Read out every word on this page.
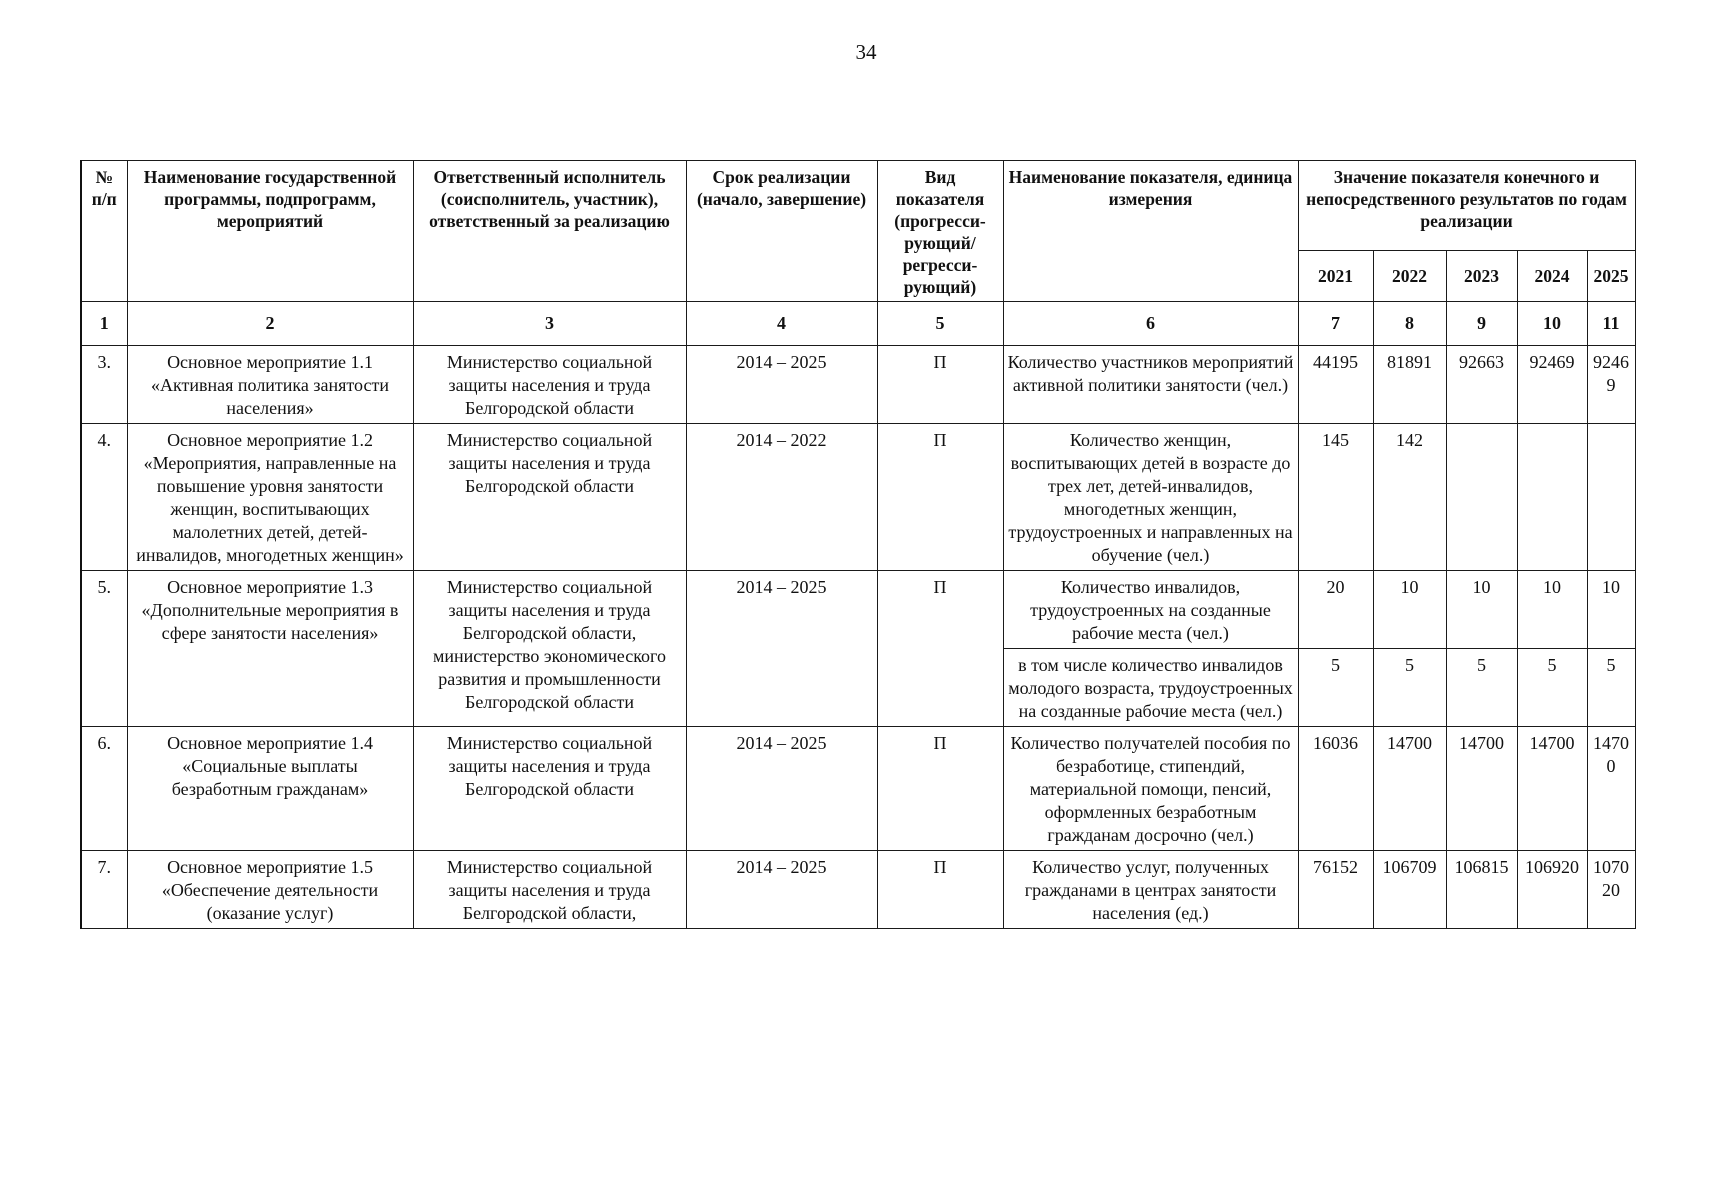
34
№ п/п	Наименование государственной программы, подпрограмм, мероприятий	Ответственный исполнитель (соисполнитель, участник), ответственный за реализацию	Срок реализации (начало, завершение)	Вид показателя (прогресси-рующий/ регресси-рующий)	Наименование показателя, единица измерения	Значение показателя конечного и непосредственного результатов по годам реализации				
						2021	2022	2023	2024	2025
1	2	3	4	5	6	7	8	9	10	11
3.	Основное мероприятие 1.1 «Активная политика занятости населения»	Министерство социальной защиты населения и труда Белгородской области	2014 – 2025	П	Количество участников мероприятий активной политики занятости (чел.)	44195	81891	92663	92469	92469
4.	Основное мероприятие 1.2 «Мероприятия, направленные на повышение уровня занятости женщин, воспитывающих малолетних детей, детей-инвалидов, многодетных женщин»	Министерство социальной защиты населения и труда Белгородской области	2014 – 2022	П	Количество женщин, воспитывающих детей в возрасте до трех лет, детей-инвалидов, многодетных женщин, трудоустроенных и направленных на обучение (чел.)	145	142			
5.	Основное мероприятие 1.3 «Дополнительные мероприятия в сфере занятости населения»	Министерство социальной защиты населения и труда Белгородской области, министерство экономического развития и промышленности Белгородской области	2014 – 2025	П	Количество инвалидов, трудоустроенных на созданные рабочие места (чел.)	20	10	10	10	10
					в том числе количество инвалидов молодого возраста, трудоустроенных на созданные рабочие места (чел.)	5	5	5	5	5
6.	Основное мероприятие 1.4 «Социальные выплаты безработным гражданам»	Министерство социальной защиты населения и труда Белгородской области	2014 – 2025	П	Количество получателей пособия по безработице, стипендий, материальной помощи, пенсий, оформленных безработным гражданам досрочно (чел.)	16036	14700	14700	14700	14700
7.	Основное мероприятие 1.5 «Обеспечение деятельности (оказание услуг)	Министерство социальной защиты населения и труда Белгородской области,	2014 – 2025	П	Количество услуг, полученных гражданами в центрах занятости населения (ед.)	76152	106709	106815	106920	107020
